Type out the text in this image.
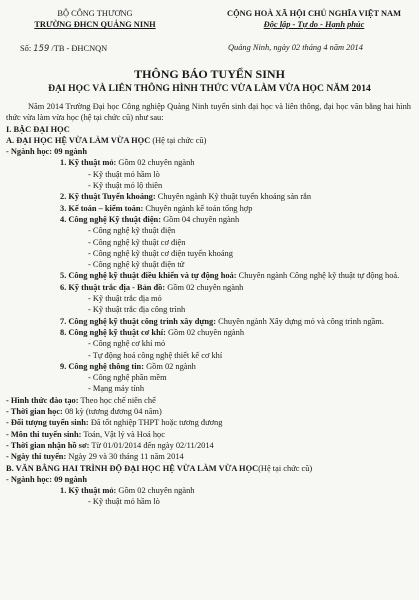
BỘ CÔNG THƯƠNG
TRƯỜNG ĐHCN QUẢNG NINH
CỘNG HOÀ XÃ HỘI CHỦ NGHĨA VIỆT NAM
Độc lập - Tự do - Hạnh phúc
Số: 159 /TB - ĐHCNQN	Quảng Ninh, ngày 02 tháng 4 năm 2014
THÔNG BÁO TUYỂN SINH
ĐẠI HỌC VÀ LIÊN THÔNG HÌNH THỨC VỪA LÀM VỪA HỌC NĂM 2014
Năm 2014 Trường Đại học Công nghiệp Quảng Ninh tuyển sinh đại học và liên thông, đại học văn bằng hai hình thức vừa làm vừa học (hệ tại chức cũ) như sau:
I. BẬC ĐẠI HỌC
A. ĐẠI HỌC HỆ VỪA LÀM VỪA HỌC (Hệ tại chức cũ)
- Ngành học: 09 ngành
1. Kỹ thuật mỏ: Gồm 02 chuyên ngành
- Kỹ thuật mỏ hầm lò
- Kỹ thuật mỏ lộ thiên
2. Kỹ thuật Tuyển khoáng: Chuyên ngành Kỹ thuật tuyển khoáng sản rắn
3. Kế toán – kiểm toán: Chuyên ngành kế toán tổng hợp
4. Công nghệ Kỹ thuật điện: Gồm 04 chuyên ngành
- Công nghệ kỹ thuật điện
- Công nghệ kỹ thuật cơ điện
- Công nghệ kỹ thuật cơ điện tuyển khoáng
- Công nghệ kỹ thuật điện tử
5. Công nghệ kỹ thuật điều khiển và tự động hoá: Chuyên ngành Công nghệ kỹ thuật tự động hoá.
6. Kỹ thuật trắc địa - Bản đồ: Gồm 02 chuyên ngành
- Kỹ thuật trắc địa mỏ
- Kỹ thuật trắc địa công trình
7. Công nghệ kỹ thuật công trình xây dựng: Chuyên ngành Xây dựng mỏ và công trình ngầm.
8. Công nghệ kỹ thuật cơ khí: Gồm 02 chuyên ngành
- Công nghệ cơ khí mỏ
- Tự động hoá công nghệ thiết kế cơ khí
9. Công nghệ thông tin: Gồm 02 ngành
- Công nghệ phần mềm
- Mạng máy tính
- Hình thức đào tạo: Theo học chế niên chế
- Thời gian học: 08 kỳ (tương đương 04 năm)
- Đối tượng tuyển sinh: Đã tốt nghiệp THPT hoặc tương đương
- Môn thi tuyển sinh: Toán, Vật lý và Hoá học
- Thời gian nhận hồ sơ: Từ 01/01/2014 đến ngày 02/11/2014
- Ngày thi tuyển: Ngày 29 và 30 tháng 11 năm 2014
B. VĂN BẰNG HAI TRÌNH ĐỘ ĐẠI HỌC HỆ VỪA LÀM VỪA HỌC(Hệ tại chức cũ)
- Ngành học: 09 ngành
1. Kỹ thuật mỏ: Gồm 02 chuyên ngành
- Kỹ thuật mỏ hầm lò
